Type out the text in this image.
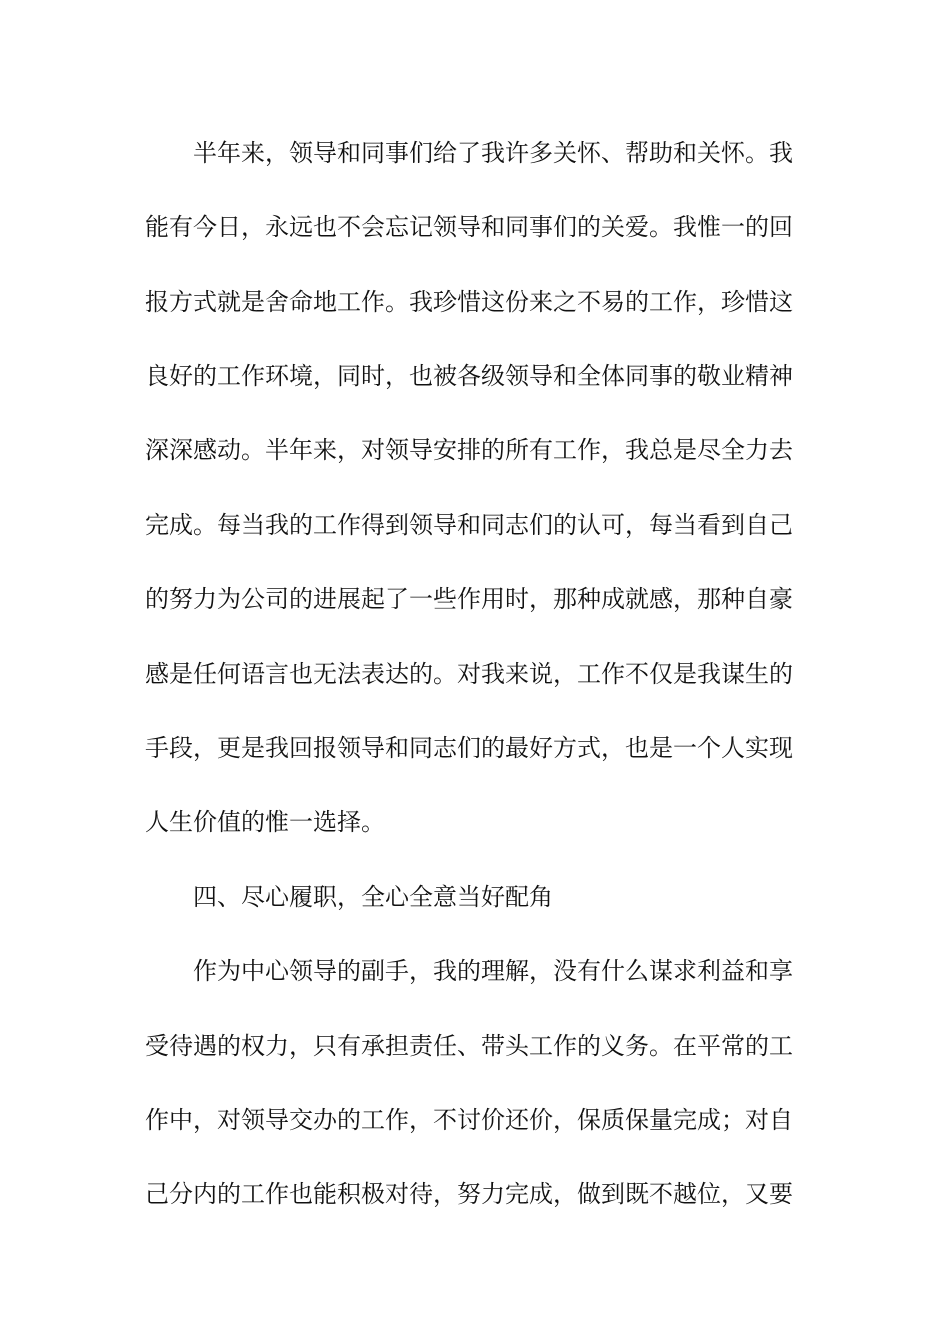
半年来，领导和同事们给了我许多关怀、帮助和关怀。我
能有今日，永远也不会忘记领导和同事们的关爱。我惟一的回
报方式就是舍命地工作。我珍惜这份来之不易的工作，珍惜这
良好的工作环境，同时，也被各级领导和全体同事的敬业精神
深深感动。半年来，对领导安排的所有工作，我总是尽全力去
完成。每当我的工作得到领导和同志们的认可，每当看到自己
的努力为公司的进展起了一些作用时，那种成就感，那种自豪
感是任何语言也无法表达的。对我来说，工作不仅是我谋生的
手段，更是我回报领导和同志们的最好方式，也是一个人实现
人生价值的惟一选择。
四、尽心履职，全心全意当好配角
作为中心领导的副手，我的理解，没有什么谋求利益和享
受待遇的权力，只有承担责任、带头工作的义务。在平常的工
作中，对领导交办的工作，不讨价还价，保质保量完成；对自
己分内的工作也能积极对待，努力完成，做到既不越位，又要
